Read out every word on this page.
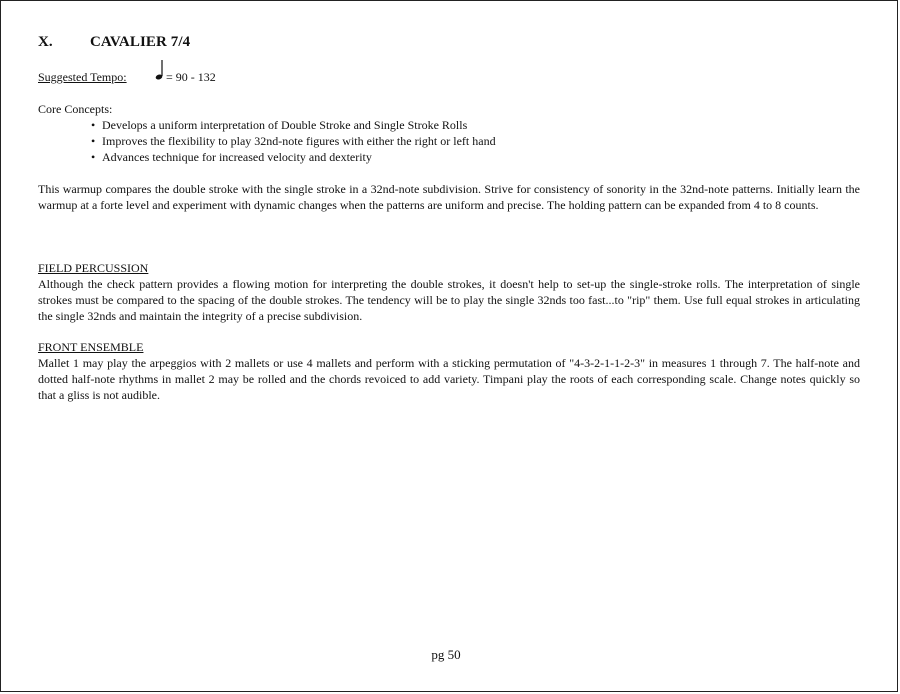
X. CAVALIER 7/4
Suggested Tempo:	= 90 - 132
Core Concepts:
• Develops a uniform interpretation of Double Stroke and Single Stroke Rolls
• Improves the flexibility to play 32nd-note figures with either the right or left hand
• Advances technique for increased velocity and dexterity

This warmup compares the double stroke with the single stroke in a 32nd-note subdivision. Strive for consistency of sonority in the 32nd-note patterns. Initially learn the warmup at a forte level and experiment with dynamic changes when the patterns are uniform and precise. The holding pattern can be expanded from 4 to 8 counts.

FIELD PERCUSSION

Although the check pattern provides a flowing motion for interpreting the double strokes, it doesn't help to set-up the single-stroke rolls. The interpretation of single strokes must be compared to the spacing of the double strokes. The tendency will be to play the single 32nds too fast...to "rip" them. Use full equal strokes in articulating the single 32nds and maintain the integrity of a precise subdivision.

FRONT ENSEMBLE

Mallet 1 may play the arpeggios with 2 mallets or use 4 mallets and perform with a sticking permutation of "4-3-2-1-1-2-3" in measures 1 through 7. The half-note and dotted half-note rhythms in mallet 2 may be rolled and the chords revoiced to add variety. Timpani play the roots of each corresponding scale. Change notes quickly so that a gliss is not audible.

pg 50
